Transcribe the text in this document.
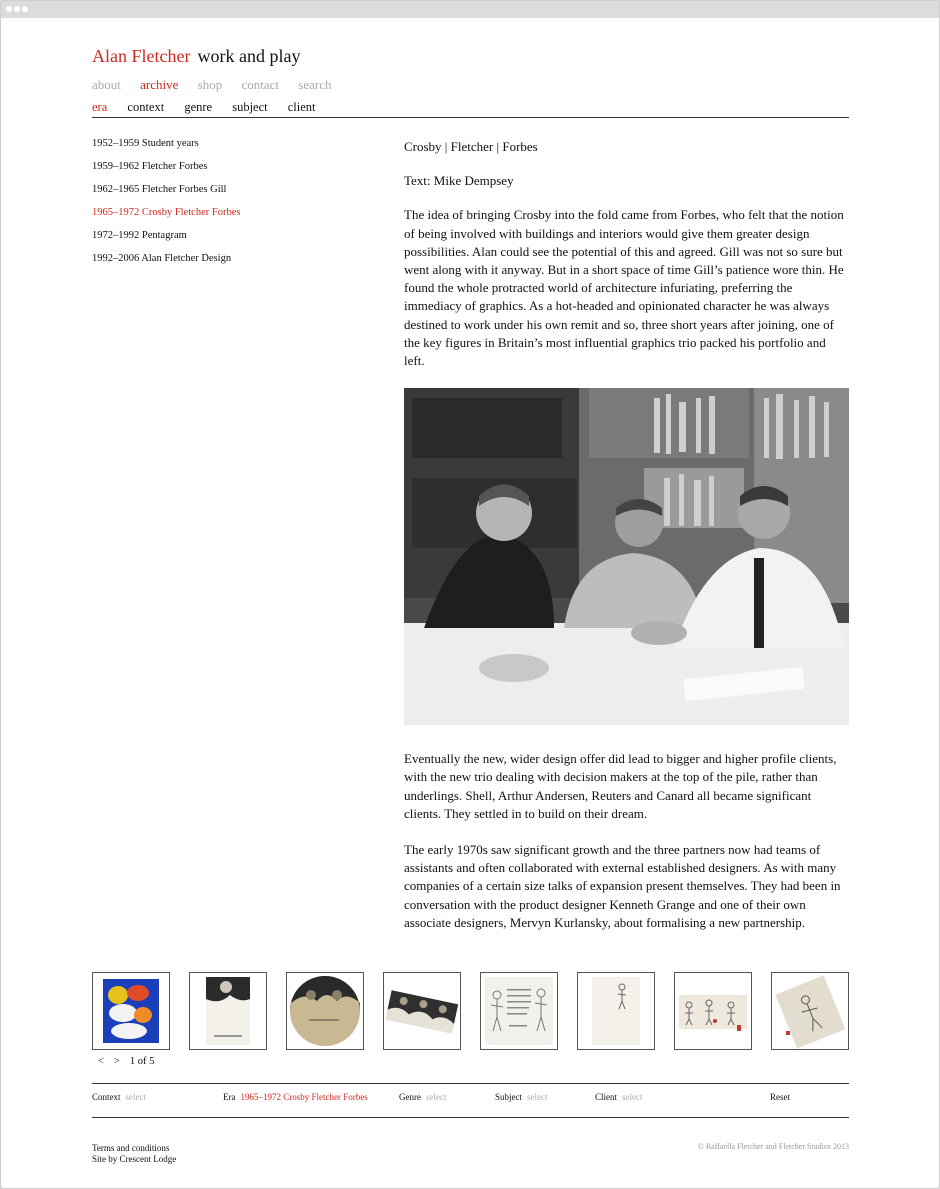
Alan Fletcher work and play
about archive shop contact search
era context genre subject client
1952–1959 Student years
1959–1962 Fletcher Forbes
1962–1965 Fletcher Forbes Gill
1965–1972 Crosby Fletcher Forbes
1972–1992 Pentagram
1992–2006 Alan Fletcher Design
Crosby | Fletcher | Forbes
Text: Mike Dempsey

The idea of bringing Crosby into the fold came from Forbes, who felt that the notion of being involved with buildings and interiors would give them greater design possibilities. Alan could see the potential of this and agreed. Gill was not so sure but went along with it anyway. But in a short space of time Gill’s patience wore thin. He found the whole protracted world of architecture infuriating, preferring the immediacy of graphics. As a hot-headed and opinionated character he was always destined to work under his own remit and so, three short years after joining, one of the key figures in Britain’s most influential graphics trio packed his portfolio and left.

Eventually the new, wider design offer did lead to bigger and higher profile clients, with the new trio dealing with decision makers at the top of the pile, rather than underlings. Shell, Arthur Andersen, Reuters and Canard all became significant clients. They settled in to build on their dream.

The early 1970s saw significant growth and the three partners now had teams of assistants and often collaborated with external established designers. As with many companies of a certain size talks of expansion present themselves. They had been in conversation with the product designer Kenneth Grange and one of their own associate designers, Mervyn Kurlansky, about formalising a new partnership.

< > 1 of 5
Context select	Era 1965–1972 Crosby Fletcher Forbes	Genre select	Subject select	Client select	Reset
Terms and conditions
Site by Crescent Lodge
© Raffaella Fletcher and Fletcher Studios 2013
